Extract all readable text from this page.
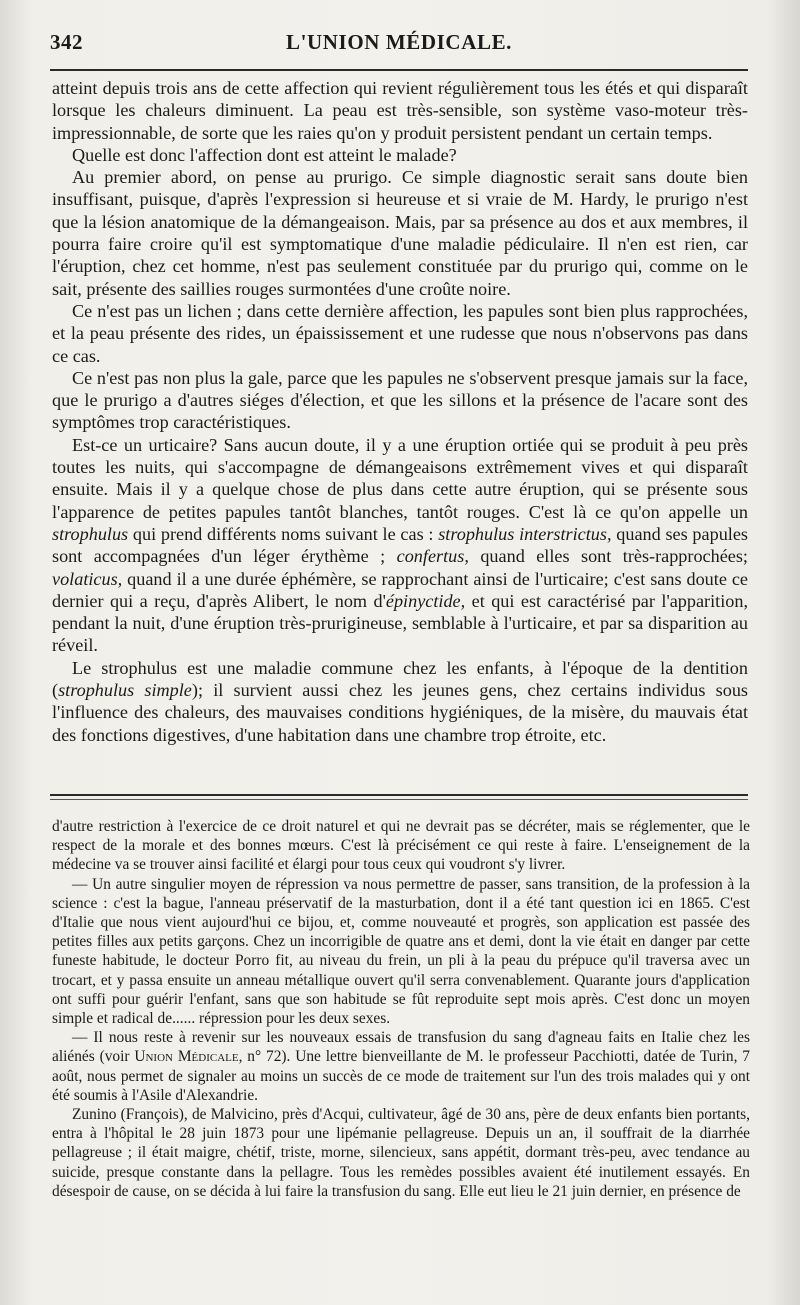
342	L'UNION MÉDICALE.

atteint depuis trois ans de cette affection qui revient régulièrement tous les étés et qui disparaît lorsque les chaleurs diminuent. La peau est très-sensible, son système vaso-moteur très-impressionnable, de sorte que les raies qu'on y produit persistent pendant un certain temps.

Quelle est donc l'affection dont est atteint le malade?

Au premier abord, on pense au prurigo. Ce simple diagnostic serait sans doute bien insuffisant, puisque, d'après l'expression si heureuse et si vraie de M. Hardy, le prurigo n'est que la lésion anatomique de la démangeaison. Mais, par sa présence au dos et aux membres, il pourra faire croire qu'il est symptomatique d'une maladie pédiculaire. Il n'en est rien, car l'éruption, chez cet homme, n'est pas seulement constituée par du prurigo qui, comme on le sait, présente des saillies rouges surmontées d'une croûte noire.

Ce n'est pas un lichen ; dans cette dernière affection, les papules sont bien plus rapprochées, et la peau présente des rides, un épaississement et une rudesse que nous n'observons pas dans ce cas.

Ce n'est pas non plus la gale, parce que les papules ne s'observent presque jamais sur la face, que le prurigo a d'autres siéges d'élection, et que les sillons et la présence de l'acare sont des symptômes trop caractéristiques.

Est-ce un urticaire? Sans aucun doute, il y a une éruption ortiée qui se produit à peu près toutes les nuits, qui s'accompagne de démangeaisons extrêmement vives et qui disparaît ensuite. Mais il y a quelque chose de plus dans cette autre éruption, qui se présente sous l'apparence de petites papules tantôt blanches, tantôt rouges. C'est là ce qu'on appelle un strophulus qui prend différents noms suivant le cas : strophulus interstrictus, quand ses papules sont accompagnées d'un léger érythème ; confertus, quand elles sont très-rapprochées; volaticus, quand il a une durée éphémère, se rapprochant ainsi de l'urticaire; c'est sans doute ce dernier qui a reçu, d'après Alibert, le nom d'épinyctide, et qui est caractérisé par l'apparition, pendant la nuit, d'une éruption très-prurigineuse, semblable à l'urticaire, et par sa disparition au réveil.

Le strophulus est une maladie commune chez les enfants, à l'époque de la dentition (strophulus simple); il survient aussi chez les jeunes gens, chez certains individus sous l'influence des chaleurs, des mauvaises conditions hygiéniques, de la misère, du mauvais état des fonctions digestives, d'une habitation dans une chambre trop étroite, etc.

d'autre restriction à l'exercice de ce droit naturel et qui ne devrait pas se décréter, mais se réglementer, que le respect de la morale et des bonnes mœurs. C'est là précisément ce qui reste à faire. L'enseignement de la médecine va se trouver ainsi facilité et élargi pour tous ceux qui voudront s'y livrer.

— Un autre singulier moyen de répression va nous permettre de passer, sans transition, de la profession à la science : c'est la bague, l'anneau préservatif de la masturbation, dont il a été tant question ici en 1865. C'est d'Italie que nous vient aujourd'hui ce bijou, et, comme nouveauté et progrès, son application est passée des petites filles aux petits garçons. Chez un incorrigible de quatre ans et demi, dont la vie était en danger par cette funeste habitude, le docteur Porro fit, au niveau du frein, un pli à la peau du prépuce qu'il traversa avec un trocart, et y passa ensuite un anneau métallique ouvert qu'il serra convenablement. Quarante jours d'application ont suffi pour guérir l'enfant, sans que son habitude se fût reproduite sept mois après. C'est donc un moyen simple et radical de...... répression pour les deux sexes.

— Il nous reste à revenir sur les nouveaux essais de transfusion du sang d'agneau faits en Italie chez les aliénés (voir Union Médicale, n° 72). Une lettre bienveillante de M. le professeur Pacchiotti, datée de Turin, 7 août, nous permet de signaler au moins un succès de ce mode de traitement sur l'un des trois malades qui y ont été soumis à l'Asile d'Alexandrie.

Zunino (François), de Malvicino, près d'Acqui, cultivateur, âgé de 30 ans, père de deux enfants bien portants, entra à l'hôpital le 28 juin 1873 pour une lipémanie pellagreuse. Depuis un an, il souffrait de la diarrhée pellagreuse ; il était maigre, chétif, triste, morne, silencieux, sans appétit, dormant très-peu, avec tendance au suicide, presque constante dans la pellagre. Tous les remèdes possibles avaient été inutilement essayés. En désespoir de cause, on se décida à lui faire la transfusion du sang. Elle eut lieu le 21 juin dernier, en présence de
